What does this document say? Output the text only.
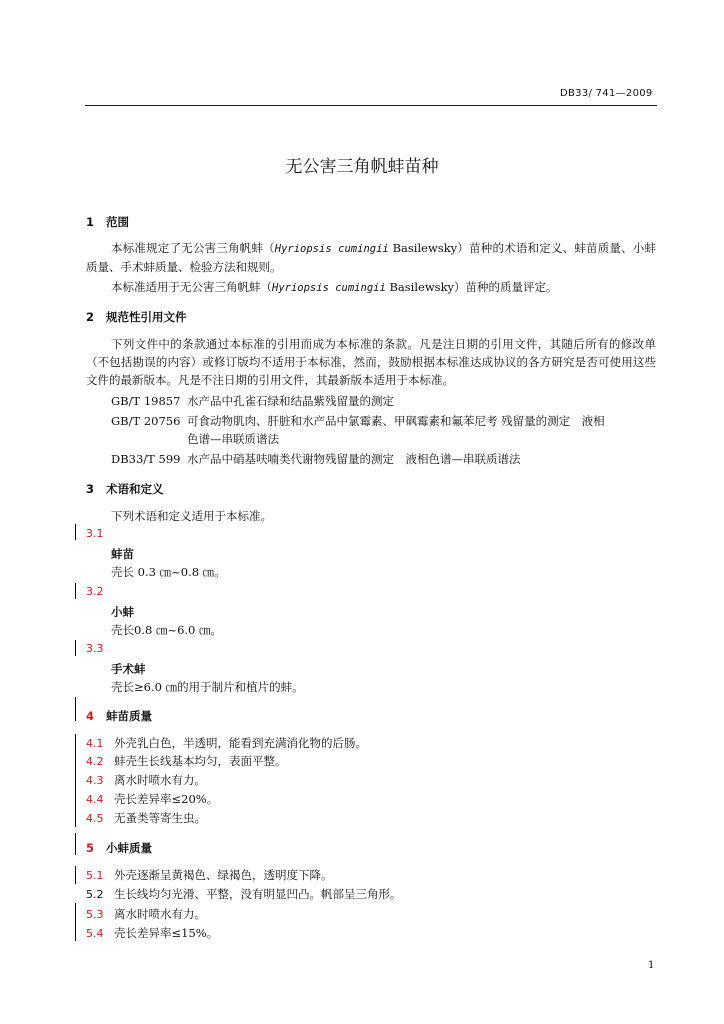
DB33/ 741—2009
无公害三角帆蚌苗种
1 范围
本标准规定了无公害三角帆蚌（Hyriopsis cumingii Basilewsky）苗种的术语和定义、蚌苗质量、小蚌质量、手术蚌质量、检验方法和规则。
本标准适用于无公害三角帆蚌（Hyriopsis cumingii Basilewsky）苗种的质量评定。
2 规范性引用文件
下列文件中的条款通过本标准的引用而成为本标准的条款。凡是注日期的引用文件，其随后所有的修改单（不包括勘误的内容）或修订版均不适用于本标准，然而，鼓励根据本标准达成协议的各方研究是否可使用这些文件的最新版本。凡是不注日期的引用文件，其最新版本适用于本标准。
GB/T 19857 水产品中孔雀石绿和结晶紫残留量的测定
GB/T 20756 可食动物肌肉、肝脏和水产品中氯霉素、甲砜霉素和氟苯尼考 残留量的测定　液相
色谱—串联质谱法
DB33/T 599 水产品中硝基呋喃类代谢物残留量的测定　液相色谱—串联质谱法
3 术语和定义
下列术语和定义适用于本标准。
3.1
蚌苗
壳长 0.3 ㎝~0.8 ㎝。
3.2
小蚌
壳长0.8 ㎝~6.0 ㎝。
3.3
手术蚌
壳长≥6.0 ㎝的用于制片和植片的蚌。
4 蚌苗质量
4.1 外壳乳白色，半透明，能看到充满消化物的后肠。
4.2 蚌壳生长线基本均匀，表面平整。
4.3 离水时喷水有力。
4.4 壳长差异率≤20%。
4.5 无蚤类等寄生虫。
5 小蚌质量
5.1 外壳逐渐呈黄褐色、绿褐色，透明度下降。
5.2 生长线均匀光滑、平整，没有明显凹凸。帆部呈三角形。
5.3 离水时喷水有力。
5.4 壳长差异率≤15%。
1
